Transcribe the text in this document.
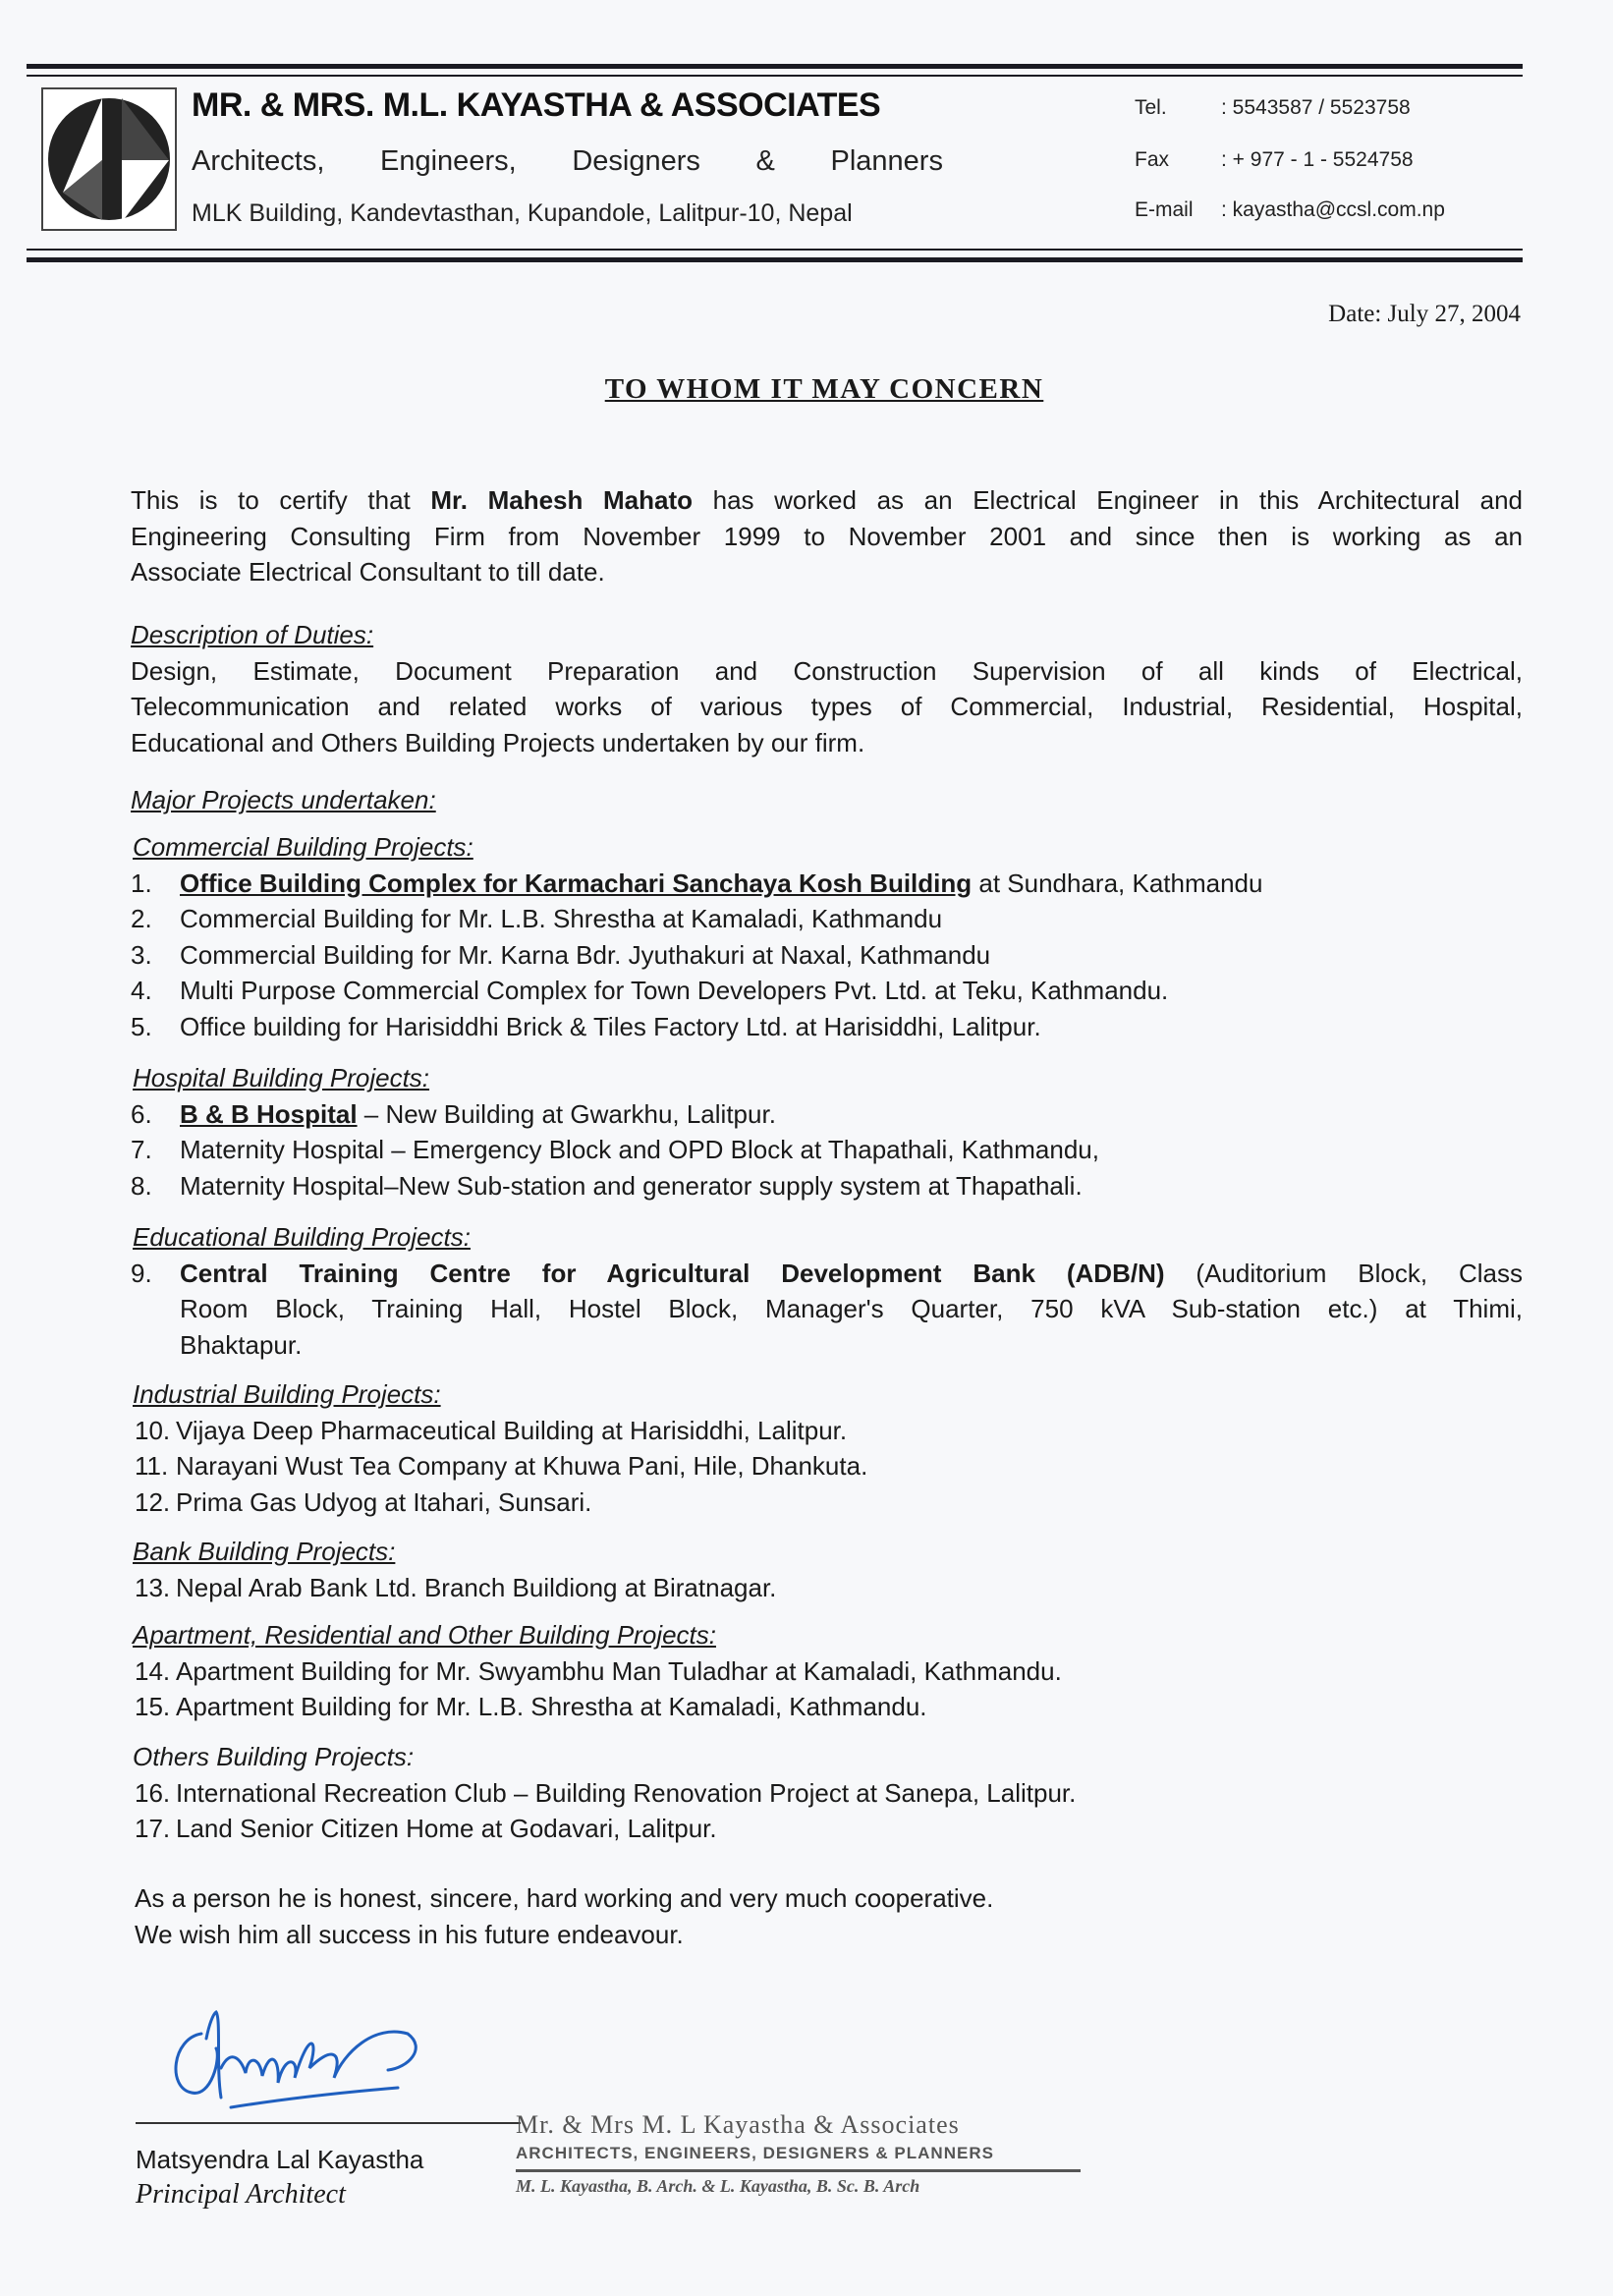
MR. & MRS. M.L. KAYASTHA & ASSOCIATES
Architects, Engineers, Designers & Planners
MLK Building, Kandevtasthan, Kupandole, Lalitpur-10, Nepal
Tel.	: 5543587 / 5523758
Fax	: + 977 - 1 - 5524758
E-mail : kayastha@ccsl.com.np
Date: July 27, 2004
TO WHOM IT MAY CONCERN
This is to certify that Mr. Mahesh Mahato has worked as an Electrical Engineer in this Architectural and
Engineering Consulting Firm from November 1999 to November 2001 and since then is working as an
Associate Electrical Consultant to till date.
Description of Duties:
Design, Estimate, Document Preparation and Construction Supervision of all kinds of Electrical,
Telecommunication and related works of various types of Commercial, Industrial, Residential, Hospital,
Educational and Others Building Projects undertaken by our firm.
Major Projects undertaken:
Commercial Building Projects:
1. Office Building Complex for Karmachari Sanchaya Kosh Building at Sundhara, Kathmandu
2. Commercial Building for Mr. L.B. Shrestha at Kamaladi, Kathmandu
3. Commercial Building for Mr. Karna Bdr. Jyuthakuri at Naxal, Kathmandu
4. Multi Purpose Commercial Complex for Town Developers Pvt. Ltd. at Teku, Kathmandu.
5. Office building for Harisiddhi Brick & Tiles Factory Ltd. at Harisiddhi, Lalitpur.
Hospital Building Projects:
6. B & B Hospital – New Building at Gwarkhu, Lalitpur.
7. Maternity Hospital – Emergency Block and OPD Block at Thapathali, Kathmandu,
8. Maternity Hospital–New Sub-station and generator supply system at Thapathali.
Educational Building Projects:
9. Central Training Centre for Agricultural Development Bank (ADB/N) (Auditorium Block, Class
Room Block, Training Hall, Hostel Block, Manager's Quarter, 750 kVA Sub-station etc.) at Thimi,
Bhaktapur.
Industrial Building Projects:
10. Vijaya Deep Pharmaceutical Building at Harisiddhi, Lalitpur.
11. Narayani Wust Tea Company at Khuwa Pani, Hile, Dhankuta.
12. Prima Gas Udyog at Itahari, Sunsari.
Bank Building Projects:
13. Nepal Arab Bank Ltd. Branch Buildiong at Biratnagar.
Apartment, Residential and Other Building Projects:
14. Apartment Building for Mr. Swyambhu Man Tuladhar at Kamaladi, Kathmandu.
15. Apartment Building for Mr. L.B. Shrestha at Kamaladi, Kathmandu.
Others Building Projects:
16. International Recreation Club – Building Renovation Project at Sanepa, Lalitpur.
17. Land Senior Citizen Home at Godavari, Lalitpur.
As a person he is honest, sincere, hard working and very much cooperative.
We wish him all success in his future endeavour.
Matsyendra Lal Kayastha
Principal Architect
Mr. & Mrs M. L Kayastha & Associates
ARCHITECTS, ENGINEERS, DESIGNERS & PLANNERS
M. L. Kayastha, B. Arch. & L. Kayastha, B. Sc. B. Arch
